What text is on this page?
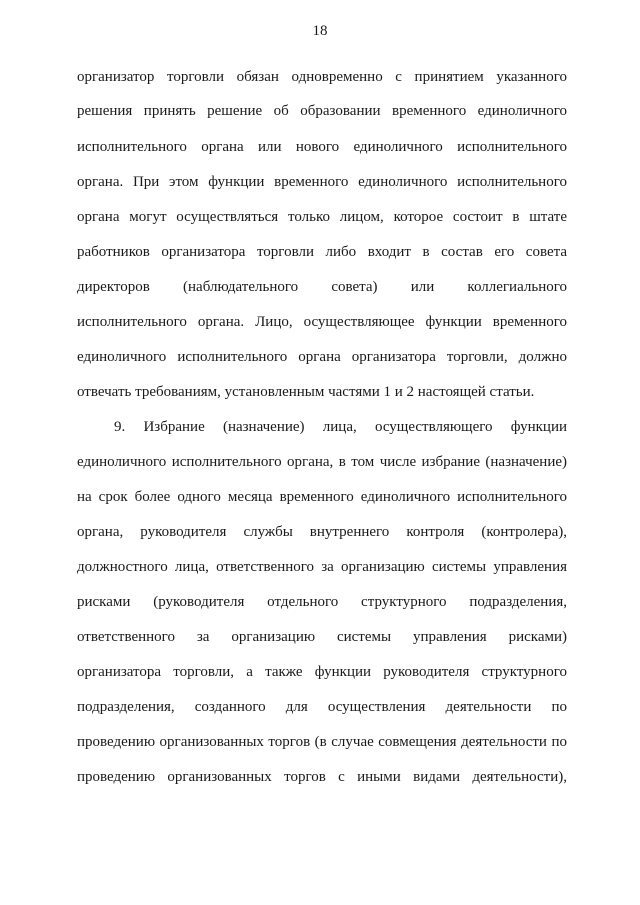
18
организатор торговли обязан одновременно с принятием указанного
решения принять решение об образовании временного единоличного
исполнительного органа или нового единоличного исполнительного
органа. При этом функции временного единоличного исполнительного
органа могут осуществляться только лицом, которое состоит в штате
работников организатора торговли либо входит в состав его совета
директоров (наблюдательного совета) или коллегиального
исполнительного органа. Лицо, осуществляющее функции временного
единоличного исполнительного органа организатора торговли, должно
отвечать требованиям, установленным частями 1 и 2 настоящей статьи.
9. Избрание (назначение) лица, осуществляющего функции
единоличного исполнительного органа, в том числе избрание (назначение)
на срок более одного месяца временного единоличного исполнительного
органа, руководителя службы внутреннего контроля (контролера),
должностного лица, ответственного за организацию системы управления
рисками (руководителя отдельного структурного подразделения,
ответственного за организацию системы управления рисками)
организатора торговли, а также функции руководителя структурного
подразделения, созданного для осуществления деятельности по
проведению организованных торгов (в случае совмещения деятельности по
проведению организованных торгов с иными видами деятельности),
